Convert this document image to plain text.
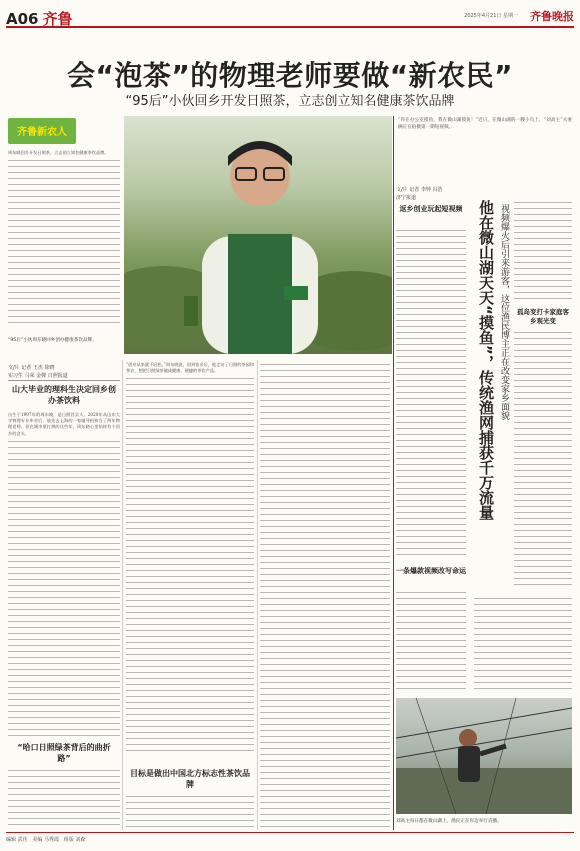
A06 齐鲁	2025年4月21日 星期一 齐鲁晚报
会“泡茶”的物理老师要做“新农民”
“95后”小伙回乡开发日照茶，立志创立知名健康茶饮品牌
齐鲁新农人
周东晓回乡开发日照茶，立志创立知名健康茶饮品牌。
“95后”小伙周东晓回乡创办健康茶饮品牌。
文/片 记者 王杰 徐晓
实习生 马荣 ⾦婵 日照报道
山大毕业的理科生决定回乡创办茶饮料
出生于1997年的周东晓，是日照莒县人，2020年从山东大学物理专业毕业后，他先去上海的一家辅导机构当了两年物理老师。但在城市里打拼的这些年，周东晓心里始终有个回乡的念头。
“哈口日照绿茶背后的曲折路”
“创业从来就不轻松。”周东晓说，回到家乡后，他走访了日照的茶园和茶农，想把日照绿茶做成健康、便捷的茶饮产品。
目标是做出中国北方标志性茶饮品牌
“你在办公室摸鱼，我在微山湖摸鱼！”近日，在微山湖的一艘小鸟上，“刘高主”夫妻俩正在拍摄第一期短视频。
文/片 记者 李钟 冯浩
济宁报道
返乡创业玩起短视频 他在微山湖天天“摸鱼”，传统渔网捕获千万流量 视频爆火后引来游客，这位渔民博主正在改变家乡面貌	孤岛变打卡家庭客乡观光变
一条爆款视频改写命运
刘高主每日都在微山湖上，渔民正在岸边举行直播。
编辑 武佳 美编 马秀霞 组版 刘森
